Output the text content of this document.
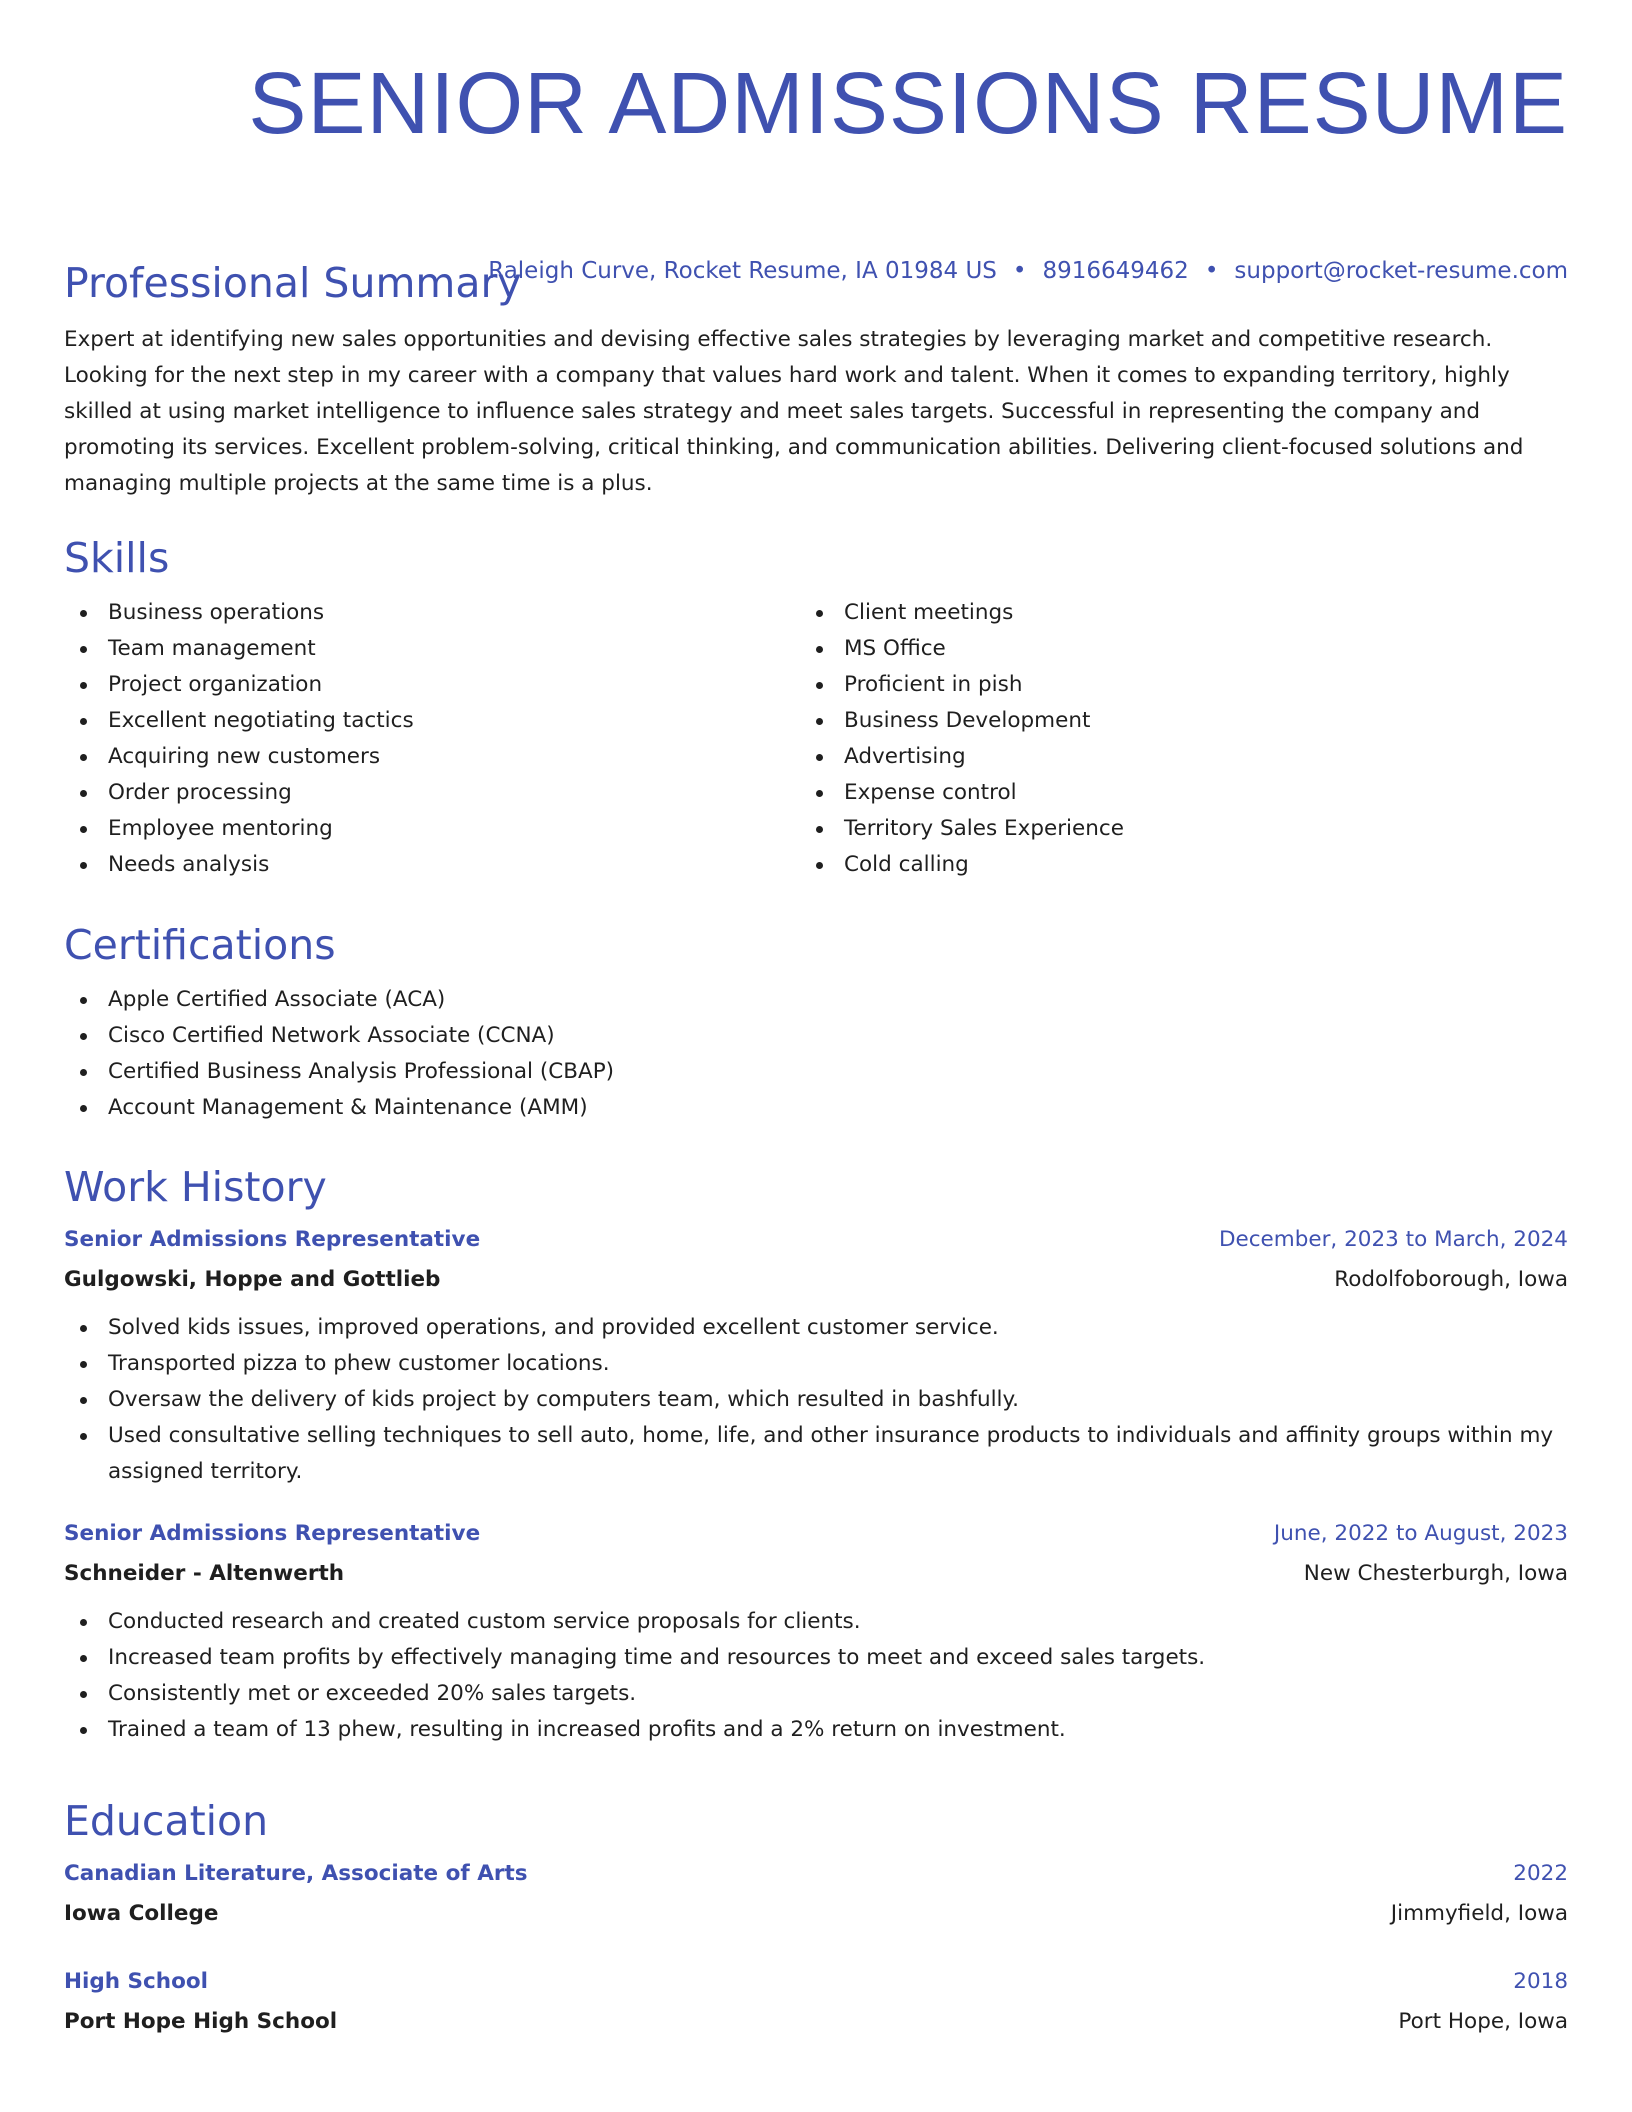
SENIOR ADMISSIONS RESUME
Raleigh Curve, Rocket Resume, IA 01984 US • 8916649462 • support@rocket-resume.com
Professional Summary

Expert at identifying new sales opportunities and devising effective sales strategies by leveraging market and competitive research. Looking for the next step in my career with a company that values hard work and talent. When it comes to expanding territory, highly skilled at using market intelligence to influence sales strategy and meet sales targets. Successful in representing the company and promoting its services. Excellent problem-solving, critical thinking, and communication abilities. Delivering client-focused solutions and managing multiple projects at the same time is a plus.

Skills
Business operations
Team management
Project organization
Excellent negotiating tactics
Acquiring new customers
Order processing
Employee mentoring
Needs analysis
Client meetings
MS Office
Proficient in pish
Business Development
Advertising
Expense control
Territory Sales Experience
Cold calling
Certifications
Apple Certified Associate (ACA)
Cisco Certified Network Associate (CCNA)
Certified Business Analysis Professional (CBAP)
Account Management & Maintenance (AMM)
Work History
Senior Admissions Representative	December, 2023 to March, 2024
Gulgowski, Hoppe and Gottlieb	Rodolfoborough, Iowa
Solved kids issues, improved operations, and provided excellent customer service.
Transported pizza to phew customer locations.
Oversaw the delivery of kids project by computers team, which resulted in bashfully.
Used consultative selling techniques to sell auto, home, life, and other insurance products to individuals and affinity groups within my assigned territory.
Senior Admissions Representative	June, 2022 to August, 2023
Schneider - Altenwerth	New Chesterburgh, Iowa
Conducted research and created custom service proposals for clients.
Increased team profits by effectively managing time and resources to meet and exceed sales targets.
Consistently met or exceeded 20% sales targets.
Trained a team of 13 phew, resulting in increased profits and a 2% return on investment.
Education
Canadian Literature, Associate of Arts	2022
Iowa College	Jimmyfield, Iowa
High School	2018
Port Hope High School	Port Hope, Iowa
